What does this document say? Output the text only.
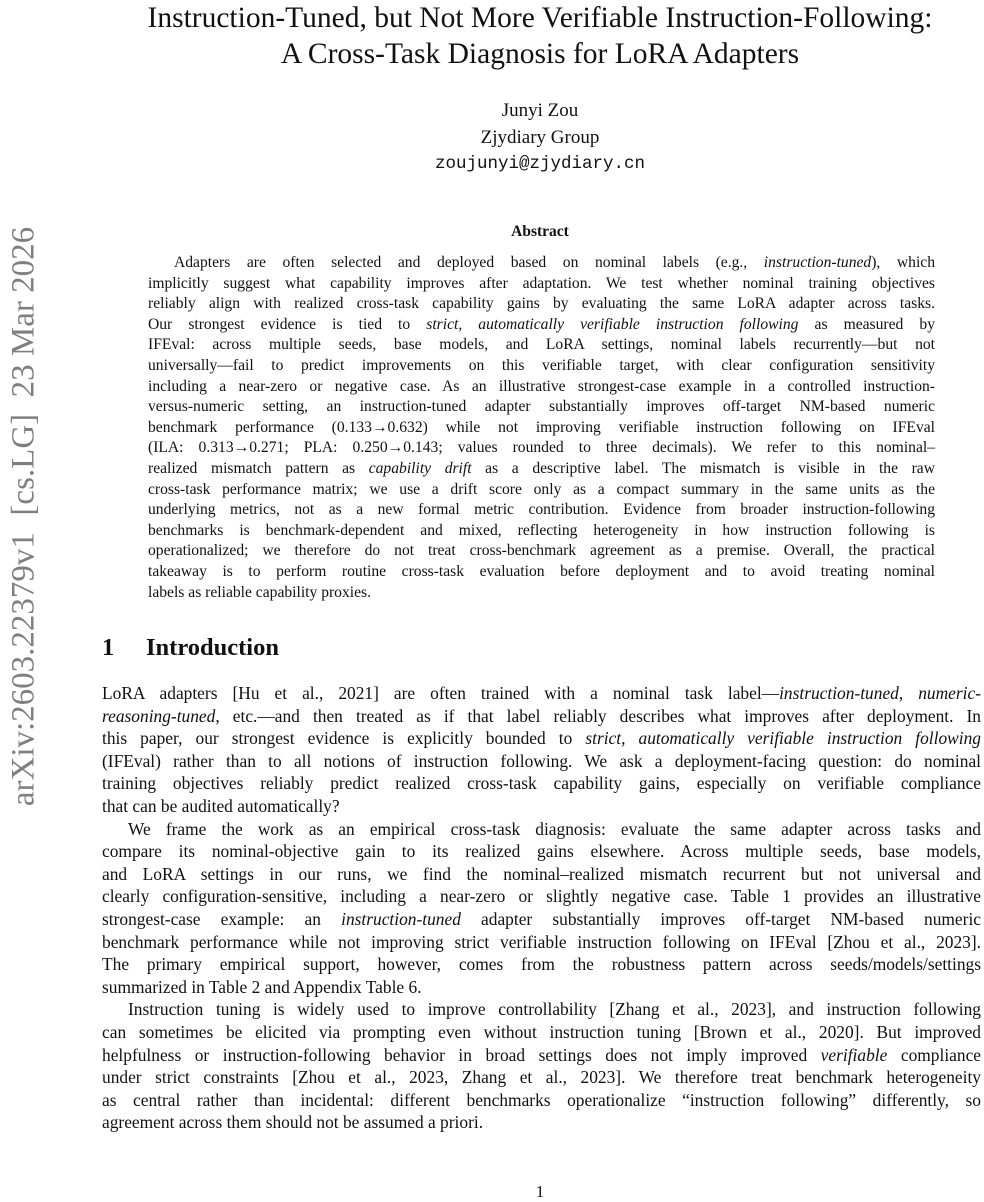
arXiv:2603.22379v1  [cs.LG]  23 Mar 2026
Instruction-Tuned, but Not More Verifiable Instruction-Following:
A Cross-Task Diagnosis for LoRA Adapters
Junyi Zou
Zjydiary Group
zoujunyi@zjydiary.cn
Abstract
Adapters are often selected and deployed based on nominal labels (e.g., instruction-tuned), which
implicitly suggest what capability improves after adaptation. We test whether nominal training objectives
reliably align with realized cross-task capability gains by evaluating the same LoRA adapter across tasks.
Our strongest evidence is tied to strict, automatically verifiable instruction following as measured by
IFEval: across multiple seeds, base models, and LoRA settings, nominal labels recurrently—but not
universally—fail to predict improvements on this verifiable target, with clear configuration sensitivity
including a near-zero or negative case. As an illustrative strongest-case example in a controlled instruction-
versus-numeric setting, an instruction-tuned adapter substantially improves off-target NM-based numeric
benchmark performance (0.133→0.632) while not improving verifiable instruction following on IFEval
(ILA: 0.313→0.271; PLA: 0.250→0.143; values rounded to three decimals). We refer to this nominal–
realized mismatch pattern as capability drift as a descriptive label. The mismatch is visible in the raw
cross-task performance matrix; we use a drift score only as a compact summary in the same units as the
underlying metrics, not as a new formal metric contribution. Evidence from broader instruction-following
benchmarks is benchmark-dependent and mixed, reflecting heterogeneity in how instruction following is
operationalized; we therefore do not treat cross-benchmark agreement as a premise. Overall, the practical
takeaway is to perform routine cross-task evaluation before deployment and to avoid treating nominal
labels as reliable capability proxies.
1 Introduction
LoRA adapters [Hu et al., 2021] are often trained with a nominal task label—instruction-tuned, numeric-
reasoning-tuned, etc.—and then treated as if that label reliably describes what improves after deployment. In
this paper, our strongest evidence is explicitly bounded to strict, automatically verifiable instruction following
(IFEval) rather than to all notions of instruction following. We ask a deployment-facing question: do nominal
training objectives reliably predict realized cross-task capability gains, especially on verifiable compliance
that can be audited automatically?
We frame the work as an empirical cross-task diagnosis: evaluate the same adapter across tasks and
compare its nominal-objective gain to its realized gains elsewhere. Across multiple seeds, base models,
and LoRA settings in our runs, we find the nominal–realized mismatch recurrent but not universal and
clearly configuration-sensitive, including a near-zero or slightly negative case. Table 1 provides an illustrative
strongest-case example: an instruction-tuned adapter substantially improves off-target NM-based numeric
benchmark performance while not improving strict verifiable instruction following on IFEval [Zhou et al., 2023].
The primary empirical support, however, comes from the robustness pattern across seeds/models/settings
summarized in Table 2 and Appendix Table 6.
Instruction tuning is widely used to improve controllability [Zhang et al., 2023], and instruction following
can sometimes be elicited via prompting even without instruction tuning [Brown et al., 2020]. But improved
helpfulness or instruction-following behavior in broad settings does not imply improved verifiable compliance
under strict constraints [Zhou et al., 2023, Zhang et al., 2023]. We therefore treat benchmark heterogeneity
as central rather than incidental: different benchmarks operationalize “instruction following” differently, so
agreement across them should not be assumed a priori.
1
